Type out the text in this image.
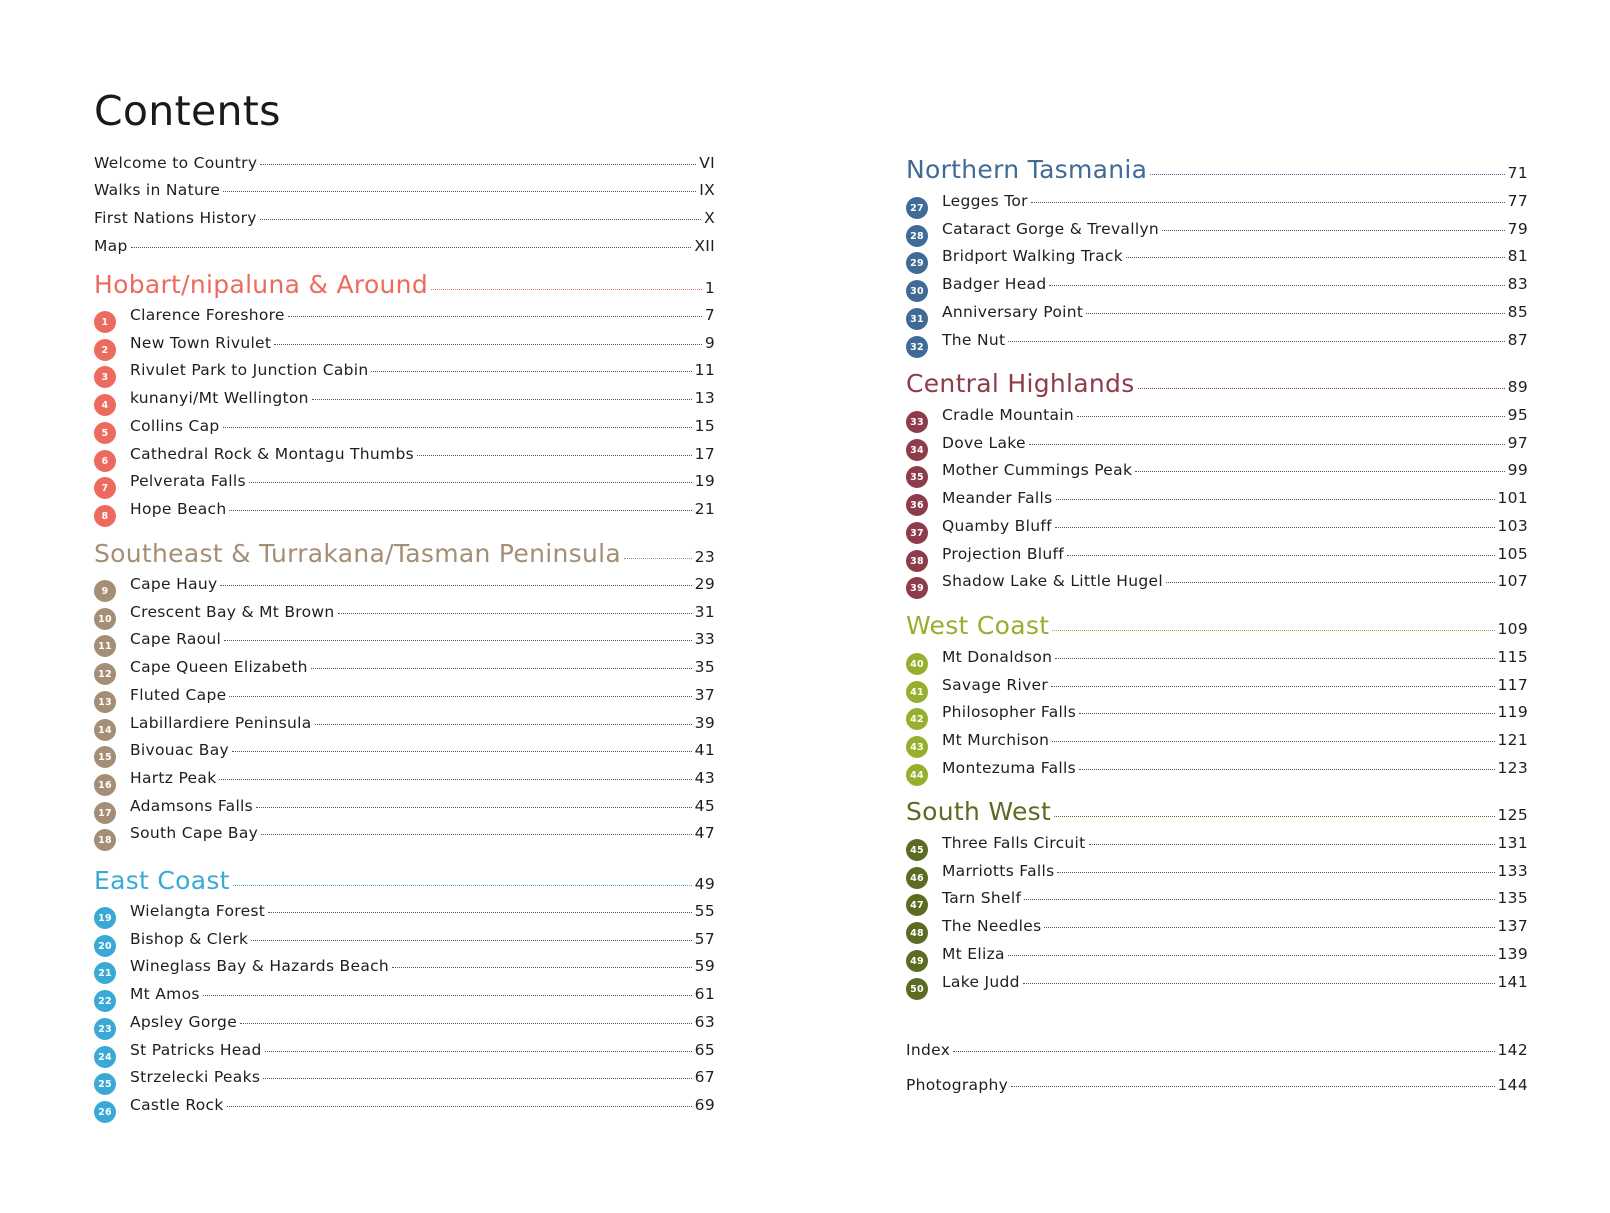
Contents
Welcome to Country	VI
Walks in Nature	IX
First Nations History	X
Map	XII
Hobart/nipaluna & Around	1
1	Clarence Foreshore	7
2	New Town Rivulet	9
3	Rivulet Park to Junction Cabin	11
4	kunanyi/Mt Wellington	13
5	Collins Cap	15
6	Cathedral Rock & Montagu Thumbs	17
7	Pelverata Falls	19
8	Hope Beach	21
Southeast & Turrakana/Tasman Peninsula	23
9	Cape Hauy	29
10 Crescent Bay & Mt Brown	31
11 Cape Raoul	33
12 Cape Queen Elizabeth	35
13 Fluted Cape	37
14 Labillardiere Peninsula	39
15 Bivouac Bay	41
16 Hartz Peak	43
17 Adamsons Falls	45
18 South Cape Bay	47
East Coast	49
19 Wielangta Forest	55
20 Bishop & Clerk	57
21 Wineglass Bay & Hazards Beach	59
22 Mt Amos	61
23 Apsley Gorge	63
24 St Patricks Head	65
25 Strzelecki Peaks	67
26 Castle Rock	69
Northern Tasmania	71
27 Legges Tor	77
28 Cataract Gorge & Trevallyn	79
29 Bridport Walking Track	81
30 Badger Head	83
31 Anniversary Point	85
32 The Nut	87
Central Highlands	89
33 Cradle Mountain	95
34 Dove Lake	97
35 Mother Cummings Peak	99
36 Meander Falls	101
37 Quamby Bluff	103
38 Projection Bluff	105
39 Shadow Lake & Little Hugel	107
West Coast	109
40 Mt Donaldson	115
41 Savage River	117
42 Philosopher Falls	119
43 Mt Murchison	121
44 Montezuma Falls	123
South West	125
45 Three Falls Circuit	131
46 Marriotts Falls	133
47 Tarn Shelf	135
48 The Needles	137
49 Mt Eliza	139
50 Lake Judd	141
Index	142
Photography	144
